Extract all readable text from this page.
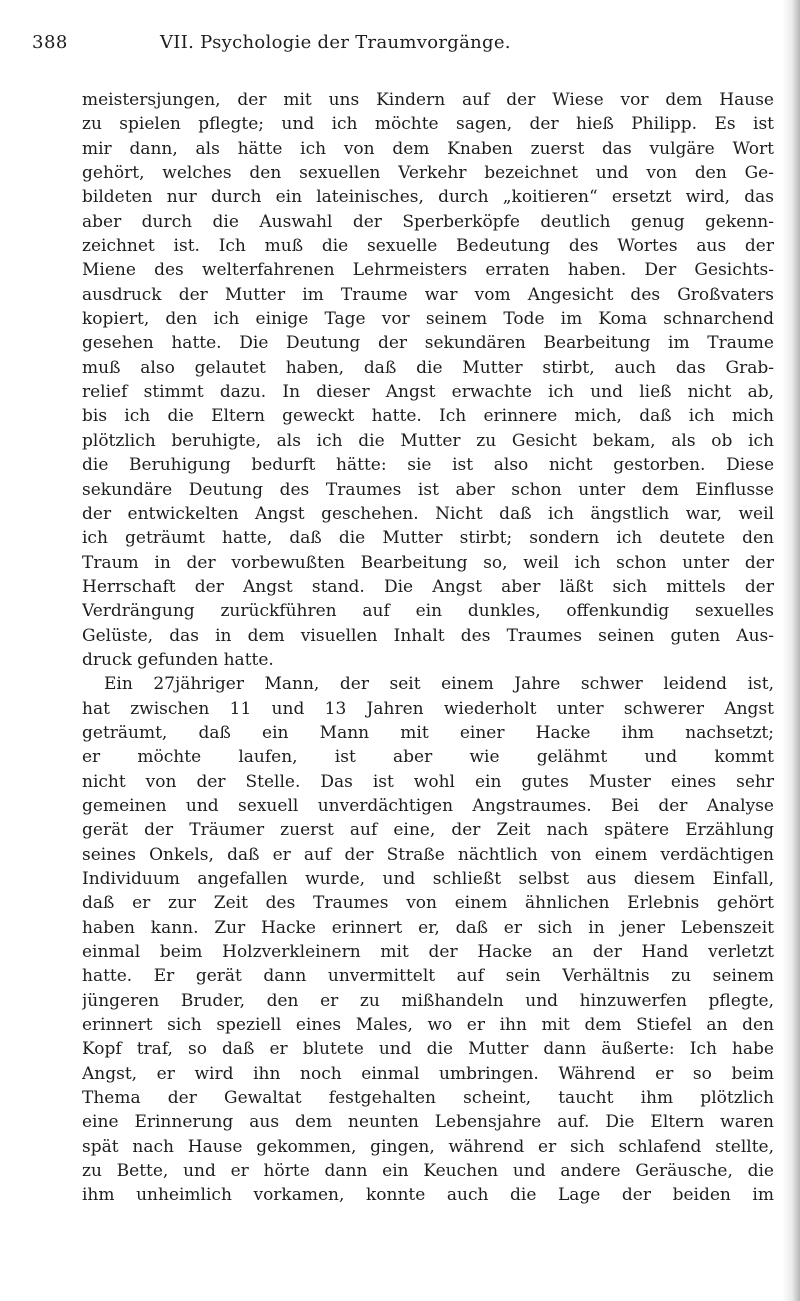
388	VII. Psychologie der Traumvorgänge.
meistersjungen, der mit uns Kindern auf der Wiese vor dem Hause
zu spielen pflegte; und ich möchte sagen, der hieß Philipp. Es ist
mir dann, als hätte ich von dem Knaben zuerst das vulgäre Wort
gehört, welches den sexuellen Verkehr bezeichnet und von den Ge-
bildeten nur durch ein lateinisches, durch „koitieren“ ersetzt wird, das
aber durch die Auswahl der Sperberköpfe deutlich genug gekenn-
zeichnet ist. Ich muß die sexuelle Bedeutung des Wortes aus der
Miene des welterfahrenen Lehrmeisters erraten haben. Der Gesichts-
ausdruck der Mutter im Traume war vom Angesicht des Großvaters
kopiert, den ich einige Tage vor seinem Tode im Koma schnarchend
gesehen hatte. Die Deutung der sekundären Bearbeitung im Traume
muß also gelautet haben, daß die Mutter stirbt, auch das Grab-
relief stimmt dazu. In dieser Angst erwachte ich und ließ nicht ab,
bis ich die Eltern geweckt hatte. Ich erinnere mich, daß ich mich
plötzlich beruhigte, als ich die Mutter zu Gesicht bekam, als ob ich
die Beruhigung bedurft hätte: sie ist also nicht gestorben. Diese
sekundäre Deutung des Traumes ist aber schon unter dem Einflusse
der entwickelten Angst geschehen. Nicht daß ich ängstlich war, weil
ich geträumt hatte, daß die Mutter stirbt; sondern ich deutete den
Traum in der vorbewußten Bearbeitung so, weil ich schon unter der
Herrschaft der Angst stand. Die Angst aber läßt sich mittels der
Verdrängung zurückführen auf ein dunkles, offenkundig sexuelles
Gelüste, das in dem visuellen Inhalt des Traumes seinen guten Aus-
druck gefunden hatte.
Ein 27jähriger Mann, der seit einem Jahre schwer leidend ist,
hat zwischen 11 und 13 Jahren wiederholt unter schwerer Angst
geträumt, daß ein Mann mit einer Hacke ihm nachsetzt;
er möchte laufen, ist aber wie gelähmt und kommt
nicht von der Stelle. Das ist wohl ein gutes Muster eines sehr
gemeinen und sexuell unverdächtigen Angstraumes. Bei der Analyse
gerät der Träumer zuerst auf eine, der Zeit nach spätere Erzählung
seines Onkels, daß er auf der Straße nächtlich von einem verdächtigen
Individuum angefallen wurde, und schließt selbst aus diesem Einfall,
daß er zur Zeit des Traumes von einem ähnlichen Erlebnis gehört
haben kann. Zur Hacke erinnert er, daß er sich in jener Lebenszeit
einmal beim Holzverkleinern mit der Hacke an der Hand verletzt
hatte. Er gerät dann unvermittelt auf sein Verhältnis zu seinem
jüngeren Bruder, den er zu mißhandeln und hinzuwerfen pflegte,
erinnert sich speziell eines Males, wo er ihn mit dem Stiefel an den
Kopf traf, so daß er blutete und die Mutter dann äußerte: Ich habe
Angst, er wird ihn noch einmal umbringen. Während er so beim
Thema der Gewaltat festgehalten scheint, taucht ihm plötzlich
eine Erinnerung aus dem neunten Lebensjahre auf. Die Eltern waren
spät nach Hause gekommen, gingen, während er sich schlafend stellte,
zu Bette, und er hörte dann ein Keuchen und andere Geräusche, die
ihm unheimlich vorkamen, konnte auch die Lage der beiden im
